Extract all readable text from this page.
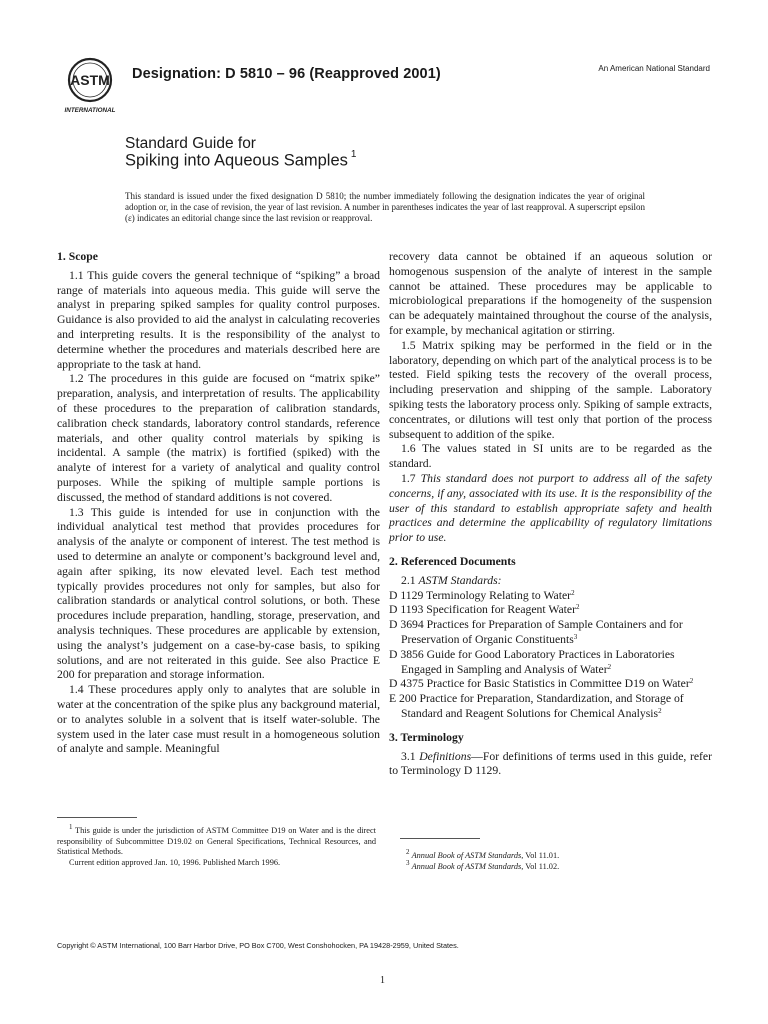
ASTM
INTERNATIONAL
Designation: D 5810 – 96 (Reapproved 2001)	An American National Standard
Standard Guide for
Spiking into Aqueous Samples $^1$
This standard is issued under the fixed designation D 5810; the number immediately following the designation indicates the year of original adoption or, in the case of revision, the year of last revision. A number in parentheses indicates the year of last reapproval. A superscript epsilon (ε) indicates an editorial change since the last revision or reapproval.
1. Scope

1.1 This guide covers the general technique of “spiking” a broad range of materials into aqueous media. This guide will serve the analyst in preparing spiked samples for quality control purposes. Guidance is also provided to aid the analyst in calculating recoveries and interpreting results. It is the responsibility of the analyst to determine whether the procedures and materials described here are appropriate to the task at hand.

1.2 The procedures in this guide are focused on “matrix spike” preparation, analysis, and interpretation of results. The applicability of these procedures to the preparation of calibration standards, calibration check standards, laboratory control standards, reference materials, and other quality control materials by spiking is incidental. A sample (the matrix) is fortified (spiked) with the analyte of interest for a variety of analytical and quality control purposes. While the spiking of multiple sample portions is discussed, the method of standard additions is not covered.

1.3 This guide is intended for use in conjunction with the individual analytical test method that provides procedures for analysis of the analyte or component of interest. The test method is used to determine an analyte or component’s background level and, again after spiking, its now elevated level. Each test method typically provides procedures not only for samples, but also for calibration standards or analytical control solutions, or both. These procedures include preparation, handling, storage, preservation, and analysis techniques. These procedures are applicable by extension, using the analyst’s judgement on a case-by-case basis, to spiking solutions, and are not reiterated in this guide. See also Practice E 200 for preparation and storage information.

1.4 These procedures apply only to analytes that are soluble in water at the concentration of the spike plus any background material, or to analytes soluble in a solvent that is itself water-soluble. The system used in the later case must result in a homogeneous solution of analyte and sample. Meaningful

recovery data cannot be obtained if an aqueous solution or homogenous suspension of the analyte of interest in the sample cannot be attained. These procedures may be applicable to microbiological preparations if the homogeneity of the suspension can be adequately maintained throughout the course of the analysis, for example, by mechanical agitation or stirring.

1.5 Matrix spiking may be performed in the field or in the laboratory, depending on which part of the analytical process is to be tested. Field spiking tests the recovery of the overall process, including preservation and shipping of the sample. Laboratory spiking tests the laboratory process only. Spiking of sample extracts, concentrates, or dilutions will test only that portion of the process subsequent to addition of the spike.

1.6 The values stated in SI units are to be regarded as the standard.

1.7 This standard does not purport to address all of the safety concerns, if any, associated with its use. It is the responsibility of the user of this standard to establish appropriate safety and health practices and determine the applicability of regulatory limitations prior to use.

2. Referenced Documents

2.1 ASTM Standards:

D 1129 Terminology Relating to Water$^2$

D 1193 Specification for Reagent Water$^2$

D 3694 Practices for Preparation of Sample Containers and for Preservation of Organic Constituents$^3$

D 3856 Guide for Good Laboratory Practices in Laboratories Engaged in Sampling and Analysis of Water$^2$

D 4375 Practice for Basic Statistics in Committee D19 on Water$^2$

E 200 Practice for Preparation, Standardization, and Storage of Standard and Reagent Solutions for Chemical Analysis$^2$

3. Terminology

3.1 Definitions—For definitions of terms used in this guide, refer to Terminology D 1129.

$^1$ This guide is under the jurisdiction of ASTM Committee D19 on Water and is the direct responsibility of Subcommittee D19.02 on General Specifications, Technical Resources, and Statistical Methods.

Current edition approved Jan. 10, 1996. Published March 1996.

$^2$ Annual Book of ASTM Standards, Vol 11.01.

$^3$ Annual Book of ASTM Standards, Vol 11.02.

Copyright © ASTM International, 100 Barr Harbor Drive, PO Box C700, West Conshohocken, PA 19428-2959, United States.
1
